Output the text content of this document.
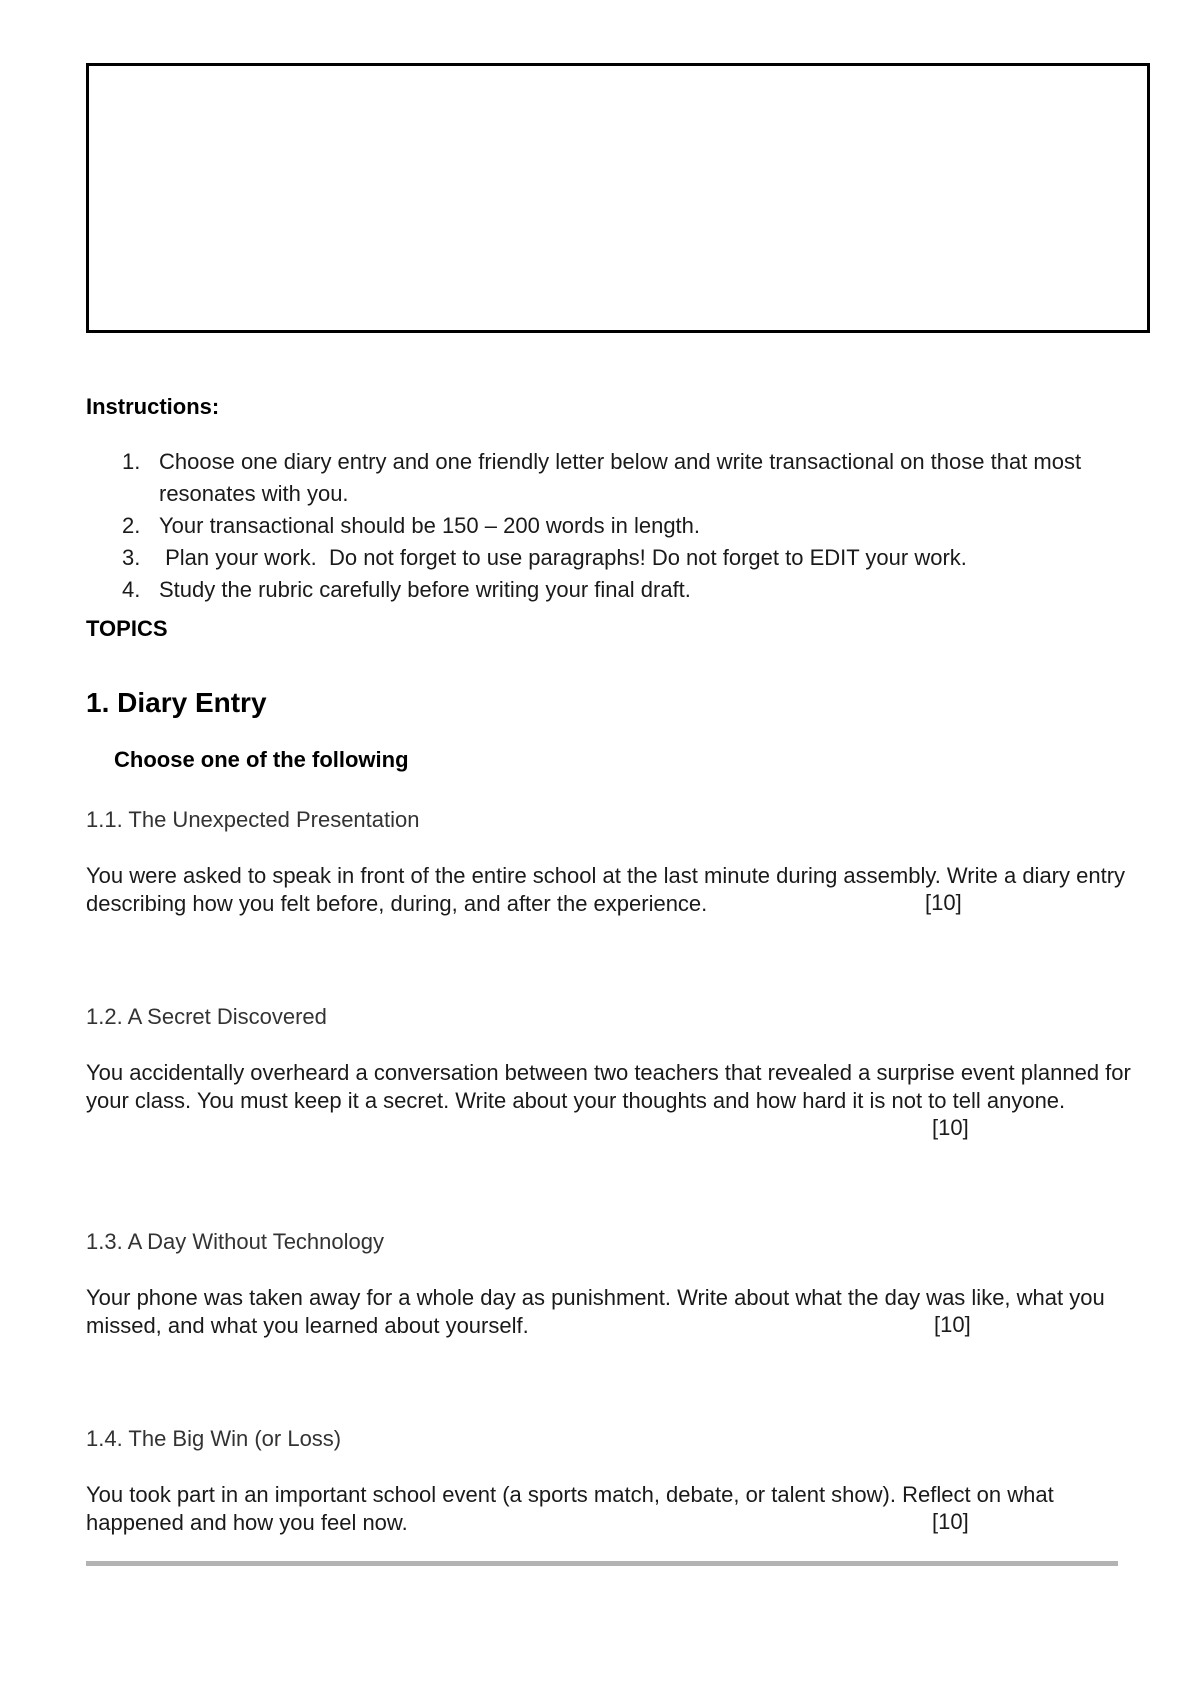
Instructions:
1. Choose one diary entry and one friendly letter below and write transactional on those that most resonates with you.
2. Your transactional should be 150 – 200 words in length.
3. Plan your work.  Do not forget to use paragraphs! Do not forget to EDIT your work.
4. Study the rubric carefully before writing your final draft.
TOPICS
1. Diary Entry
Choose one of the following
1.1. The Unexpected Presentation
You were asked to speak in front of the entire school at the last minute during assembly. Write a diary entry describing how you felt before, during, and after the experience.	[10]
1.2. A Secret Discovered
You accidentally overheard a conversation between two teachers that revealed a surprise event planned for your class. You must keep it a secret. Write about your thoughts and how hard it is not to tell anyone.
[10]
1.3. A Day Without Technology
Your phone was taken away for a whole day as punishment. Write about what the day was like, what you missed, and what you learned about yourself.	[10]
1.4. The Big Win (or Loss)
You took part in an important school event (a sports match, debate, or talent show). Reflect on what happened and how you feel now.	[10]
